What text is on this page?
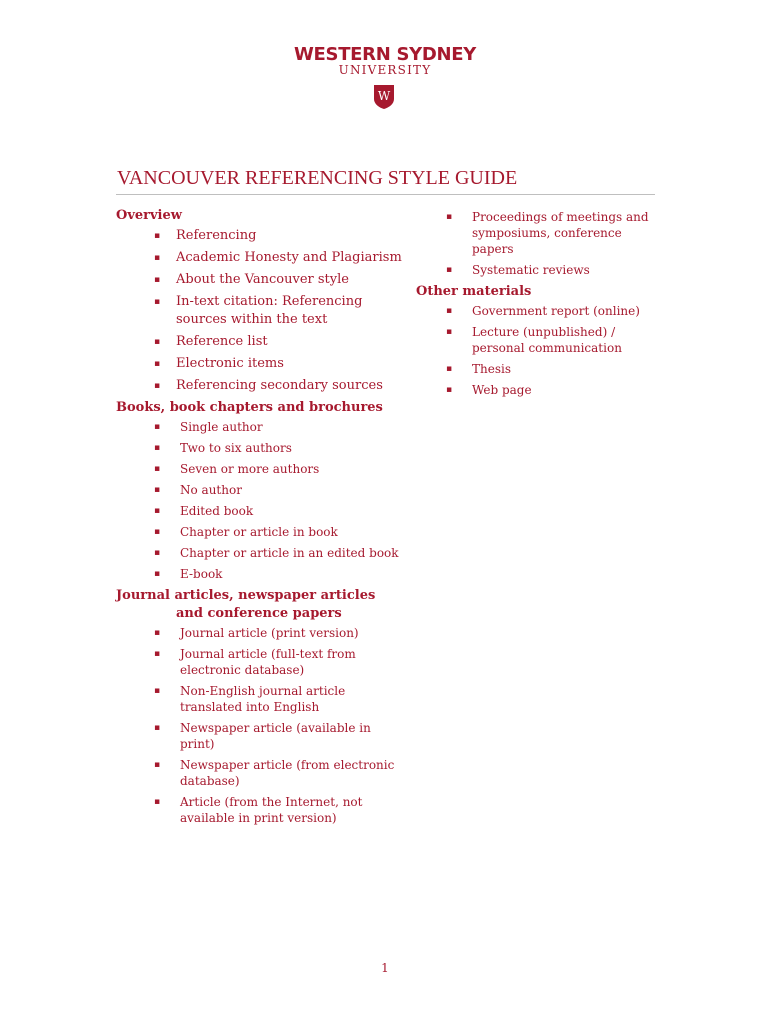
WESTERN SYDNEY
UNIVERSITY
W
VANCOUVER REFERENCING STYLE GUIDE
Overview
▪ Referencing
▪ Academic Honesty and Plagiarism
▪ About the Vancouver style
▪ In-text citation: Referencing sources within the text
▪ Reference list
▪ Electronic items
▪ Referencing secondary sources
Books, book chapters and brochures
▪ Single author
▪ Two to six authors
▪ Seven or more authors
▪ No author
▪ Edited book
▪ Chapter or article in book
▪ Chapter or article in an edited book
▪ E-book
Journal articles, newspaper articles and conference papers
▪ Journal article (print version)
▪ Journal article (full-text from electronic database)
▪ Non-English journal article translated into English
▪ Newspaper article (available in print)
▪ Newspaper article (from electronic database)
▪ Article (from the Internet, not available in print version)
▪ Proceedings of meetings and symposiums, conference papers
▪ Systematic reviews
Other materials
▪ Government report (online)
▪ Lecture (unpublished) / personal communication
▪ Thesis
▪ Web page
1
